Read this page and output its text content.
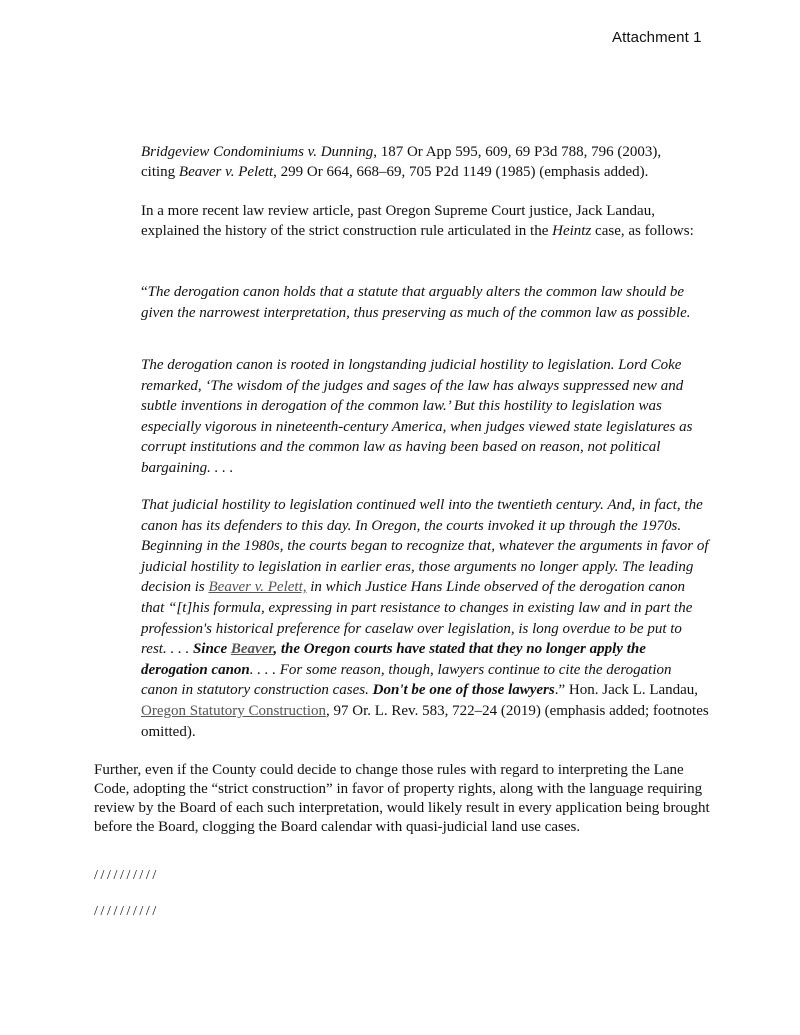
Attachment 1

Bridgeview Condominiums v. Dunning, 187 Or App 595, 609, 69 P3d 788, 796 (2003),
citing Beaver v. Pelett, 299 Or 664, 668–69, 705 P2d 1149 (1985) (emphasis added).

In a more recent law review article, past Oregon Supreme Court justice, Jack Landau, explained the history of the strict construction rule articulated in the Heintz case, as follows:

“The derogation canon holds that a statute that arguably alters the common law should be given the narrowest interpretation, thus preserving as much of the common law as possible.

The derogation canon is rooted in longstanding judicial hostility to legislation. Lord Coke remarked, ‘The wisdom of the judges and sages of the law has always suppressed new and subtle inventions in derogation of the common law.’ But this hostility to legislation was especially vigorous in nineteenth-century America, when judges viewed state legislatures as corrupt institutions and the common law as having been based on reason, not political bargaining. . . .

That judicial hostility to legislation continued well into the twentieth century. And, in fact, the canon has its defenders to this day. In Oregon, the courts invoked it up through the 1970s. Beginning in the 1980s, the courts began to recognize that, whatever the arguments in favor of judicial hostility to legislation in earlier eras, those arguments no longer apply. The leading decision is Beaver v. Pelett, in which Justice Hans Linde observed of the derogation canon that “[t]his formula, expressing in part resistance to changes in existing law and in part the profession's historical preference for caselaw over legislation, is long overdue to be put to rest. . . . Since Beaver, the Oregon courts have stated that they no longer apply the derogation canon. . . . For some reason, though, lawyers continue to cite the derogation canon in statutory construction cases. Don't be one of those lawyers.” Hon. Jack L. Landau, Oregon Statutory Construction, 97 Or. L. Rev. 583, 722–24 (2019) (emphasis added; footnotes omitted).

Further, even if the County could decide to change those rules with regard to interpreting the Lane Code, adopting the “strict construction” in favor of property rights, along with the language requiring review by the Board of each such interpretation, would likely result in every application being brought before the Board, clogging the Board calendar with quasi-judicial land use cases.

//////////

//////////
